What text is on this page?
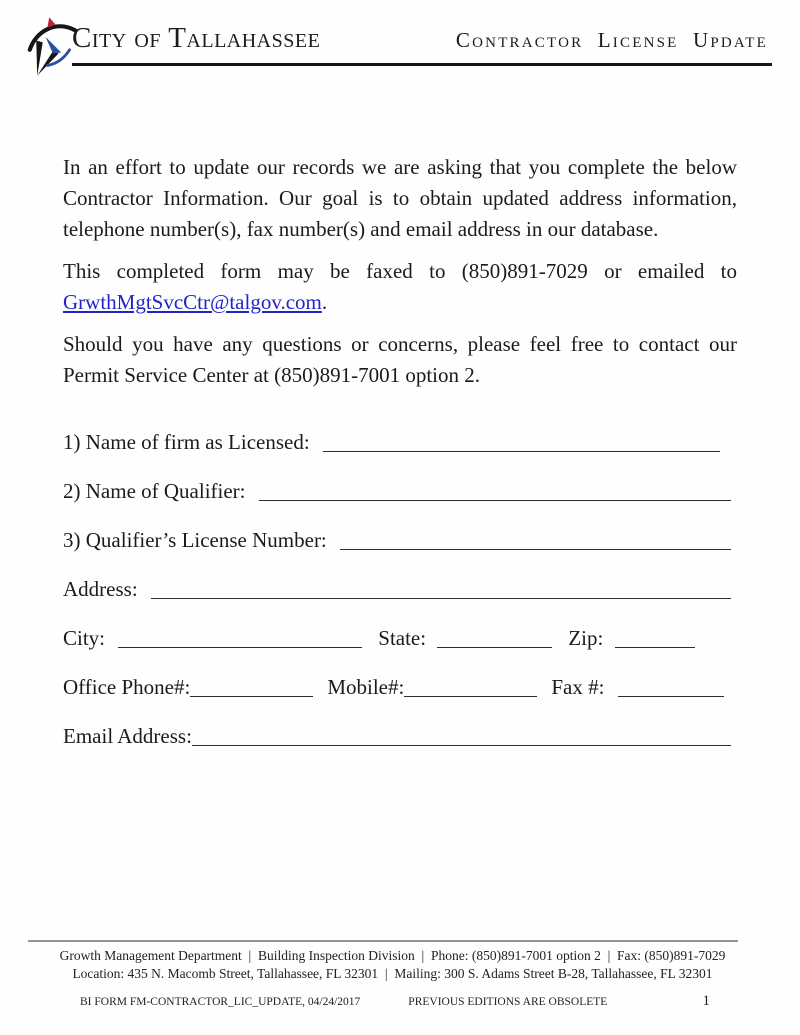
City of Tallahassee	Contractor License Update

In an effort to update our records we are asking that you complete the below Contractor Information. Our goal is to obtain updated address information, telephone number(s), fax number(s) and email address in our database.

This completed form may be faxed to (850)891-7029 or emailed to GrwthMgtSvcCtr@talgov.com.

Should you have any questions or concerns, please feel free to contact our Permit Service Center at (850)891-7001 option 2.

1) Name of firm as Licensed:
2) Name of Qualifier:
3) Qualifier’s License Number:
Address:
City:	State:	Zip:
Office Phone#:	Mobile#:	Fax #:
Email Address:
Growth Management Department  |  Building Inspection Division  |  Phone: (850)891-7001 option 2  |  Fax: (850)891-7029
Location: 435 N. Macomb Street, Tallahassee, FL 32301  |  Mailing: 300 S. Adams Street B-28, Tallahassee, FL 32301
BI FORM FM-CONTRACTOR_LIC_UPDATE, 04/24/2017	PREVIOUS EDITIONS ARE OBSOLETE	1
